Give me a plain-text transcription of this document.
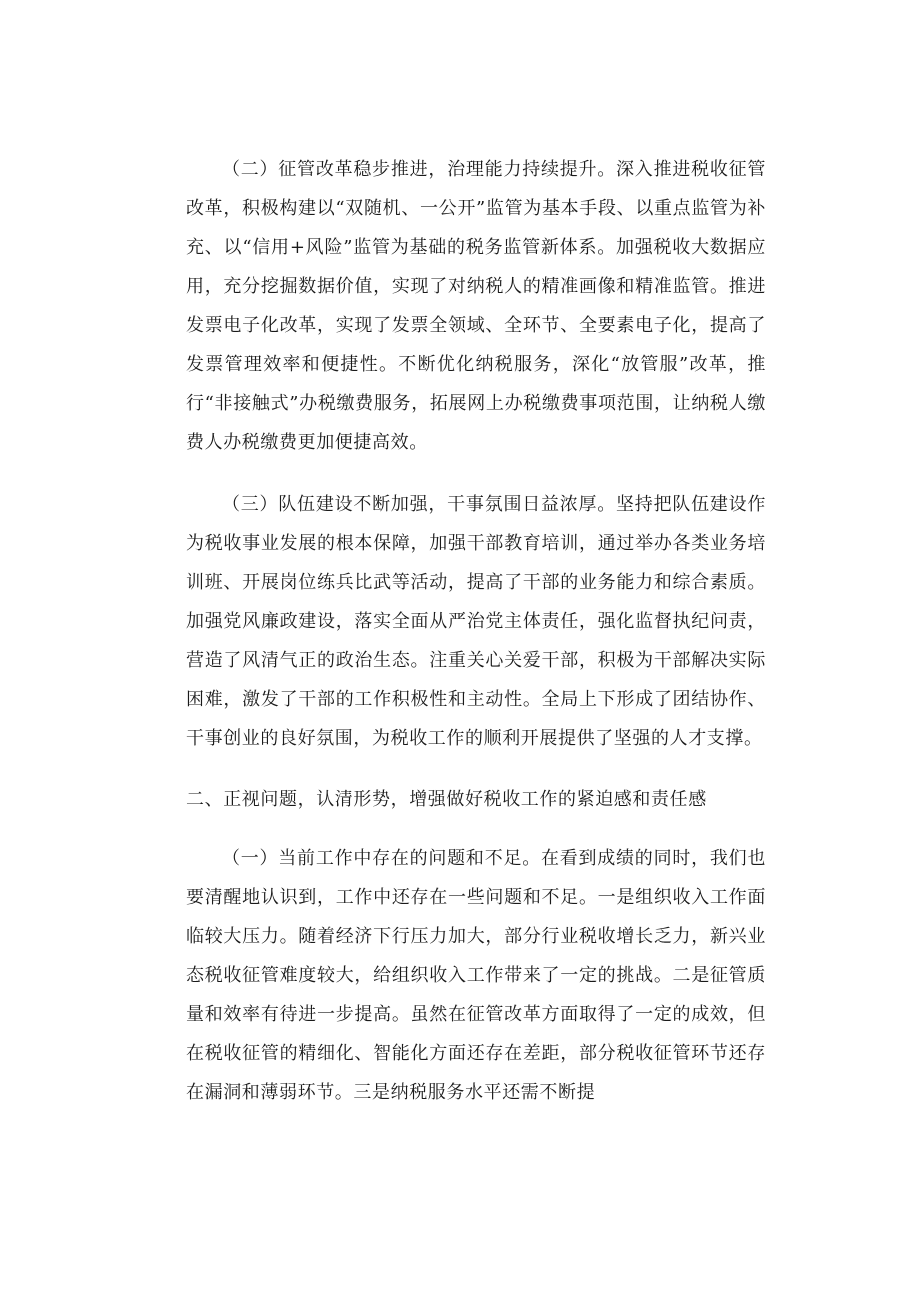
（二）征管改革稳步推进，治理能力持续提升。深入推进税收征管改革，积极构建以“双随机、一公开”监管为基本手段、以重点监管为补充、以“信用+风险”监管为基础的税务监管新体系。加强税收大数据应用，充分挖掘数据价值，实现了对纳税人的精准画像和精准监管。推进发票电子化改革，实现了发票全领域、全环节、全要素电子化，提高了发票管理效率和便捷性。不断优化纳税服务，深化“放管服”改革，推行“非接触式”办税缴费服务，拓展网上办税缴费事项范围，让纳税人缴费人办税缴费更加便捷高效。

（三）队伍建设不断加强，干事氛围日益浓厚。坚持把队伍建设作为税收事业发展的根本保障，加强干部教育培训，通过举办各类业务培训班、开展岗位练兵比武等活动，提高了干部的业务能力和综合素质。加强党风廉政建设，落实全面从严治党主体责任，强化监督执纪问责，营造了风清气正的政治生态。注重关心关爱干部，积极为干部解决实际困难，激发了干部的工作积极性和主动性。全局上下形成了团结协作、干事创业的良好氛围，为税收工作的顺利开展提供了坚强的人才支撑。

二、正视问题，认清形势，增强做好税收工作的紧迫感和责任感

（一）当前工作中存在的问题和不足。在看到成绩的同时，我们也要清醒地认识到，工作中还存在一些问题和不足。一是组织收入工作面临较大压力。随着经济下行压力加大，部分行业税收增长乏力，新兴业态税收征管难度较大，给组织收入工作带来了一定的挑战。二是征管质量和效率有待进一步提高。虽然在征管改革方面取得了一定的成效，但在税收征管的精细化、智能化方面还存在差距，部分税收征管环节还存在漏洞和薄弱环节。三是纳税服务水平还需不断提
